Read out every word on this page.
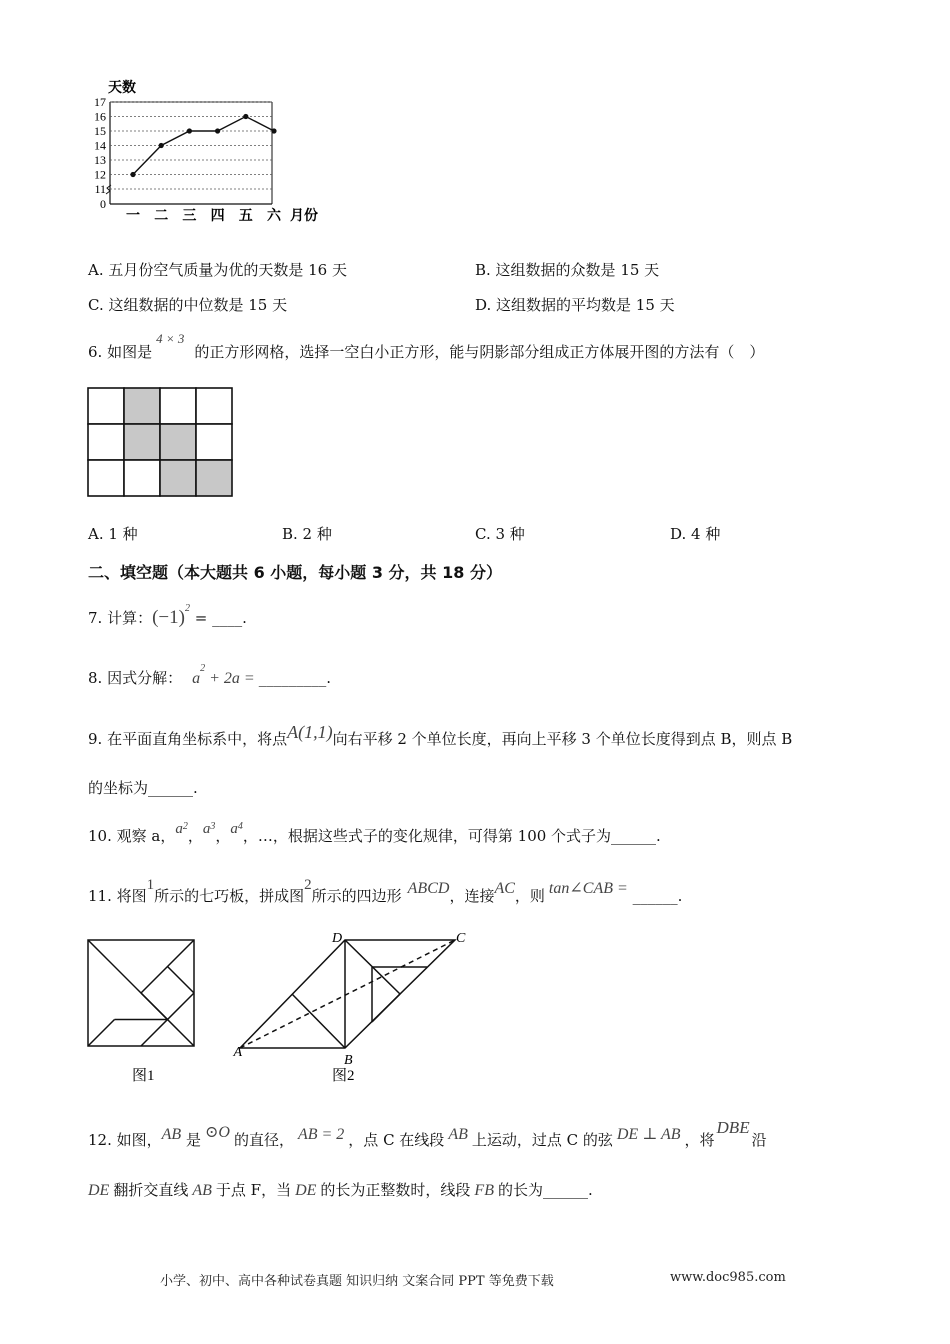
0
11
12
13
14
15
16
17
天数
一 二 三 四 五 六 月份
A. 五月份空气质量为优的天数是 16 天	B. 这组数据的众数是 15 天
C. 这组数据的中位数是 15 天	D. 这组数据的平均数是 15 天
6. 如图是4 × 3的正方形网格，选择一空白小正方形，能与阴影部分组成正方体展开图的方法有（　）
A. 1 种	B. 2 种	C. 3 种	D. 4 种
二、填空题（本大题共 6 小题，每小题 3 分，共 18 分）
7. 计算：$(-1)^2$ = ____.
8. 因式分解： $a^2 + 2a$ = _________.
9. 在平面直角坐标系中，将点A(1,1)向右平移 2 个单位长度，再向上平移 3 个单位长度得到点 B，则点 B
的坐标为______.
10. 观察 a，$a^2$，$a^3$，$a^4$，…，根据这些式子的变化规律，可得第 100 个式子为______.
11. 将图1所示的七巧板，拼成图2所示的四边形 ABCD，连接AC，则 tan∠CAB = ______.
A
B
C
D
图1	图2
12. 如图，AB 是 ⊙O 的直径， AB = 2 ，点 C 在线段 AB 上运动，过点 C 的弦 DE ⊥ AB ，将DBE沿
DE 翻折交直线 AB 于点 F，当 DE 的长为正整数时，线段 FB 的长为______.
小学、初中、高中各种试卷真题 知识归纳 文案合同 PPT 等免费下载	www.doc985.com
